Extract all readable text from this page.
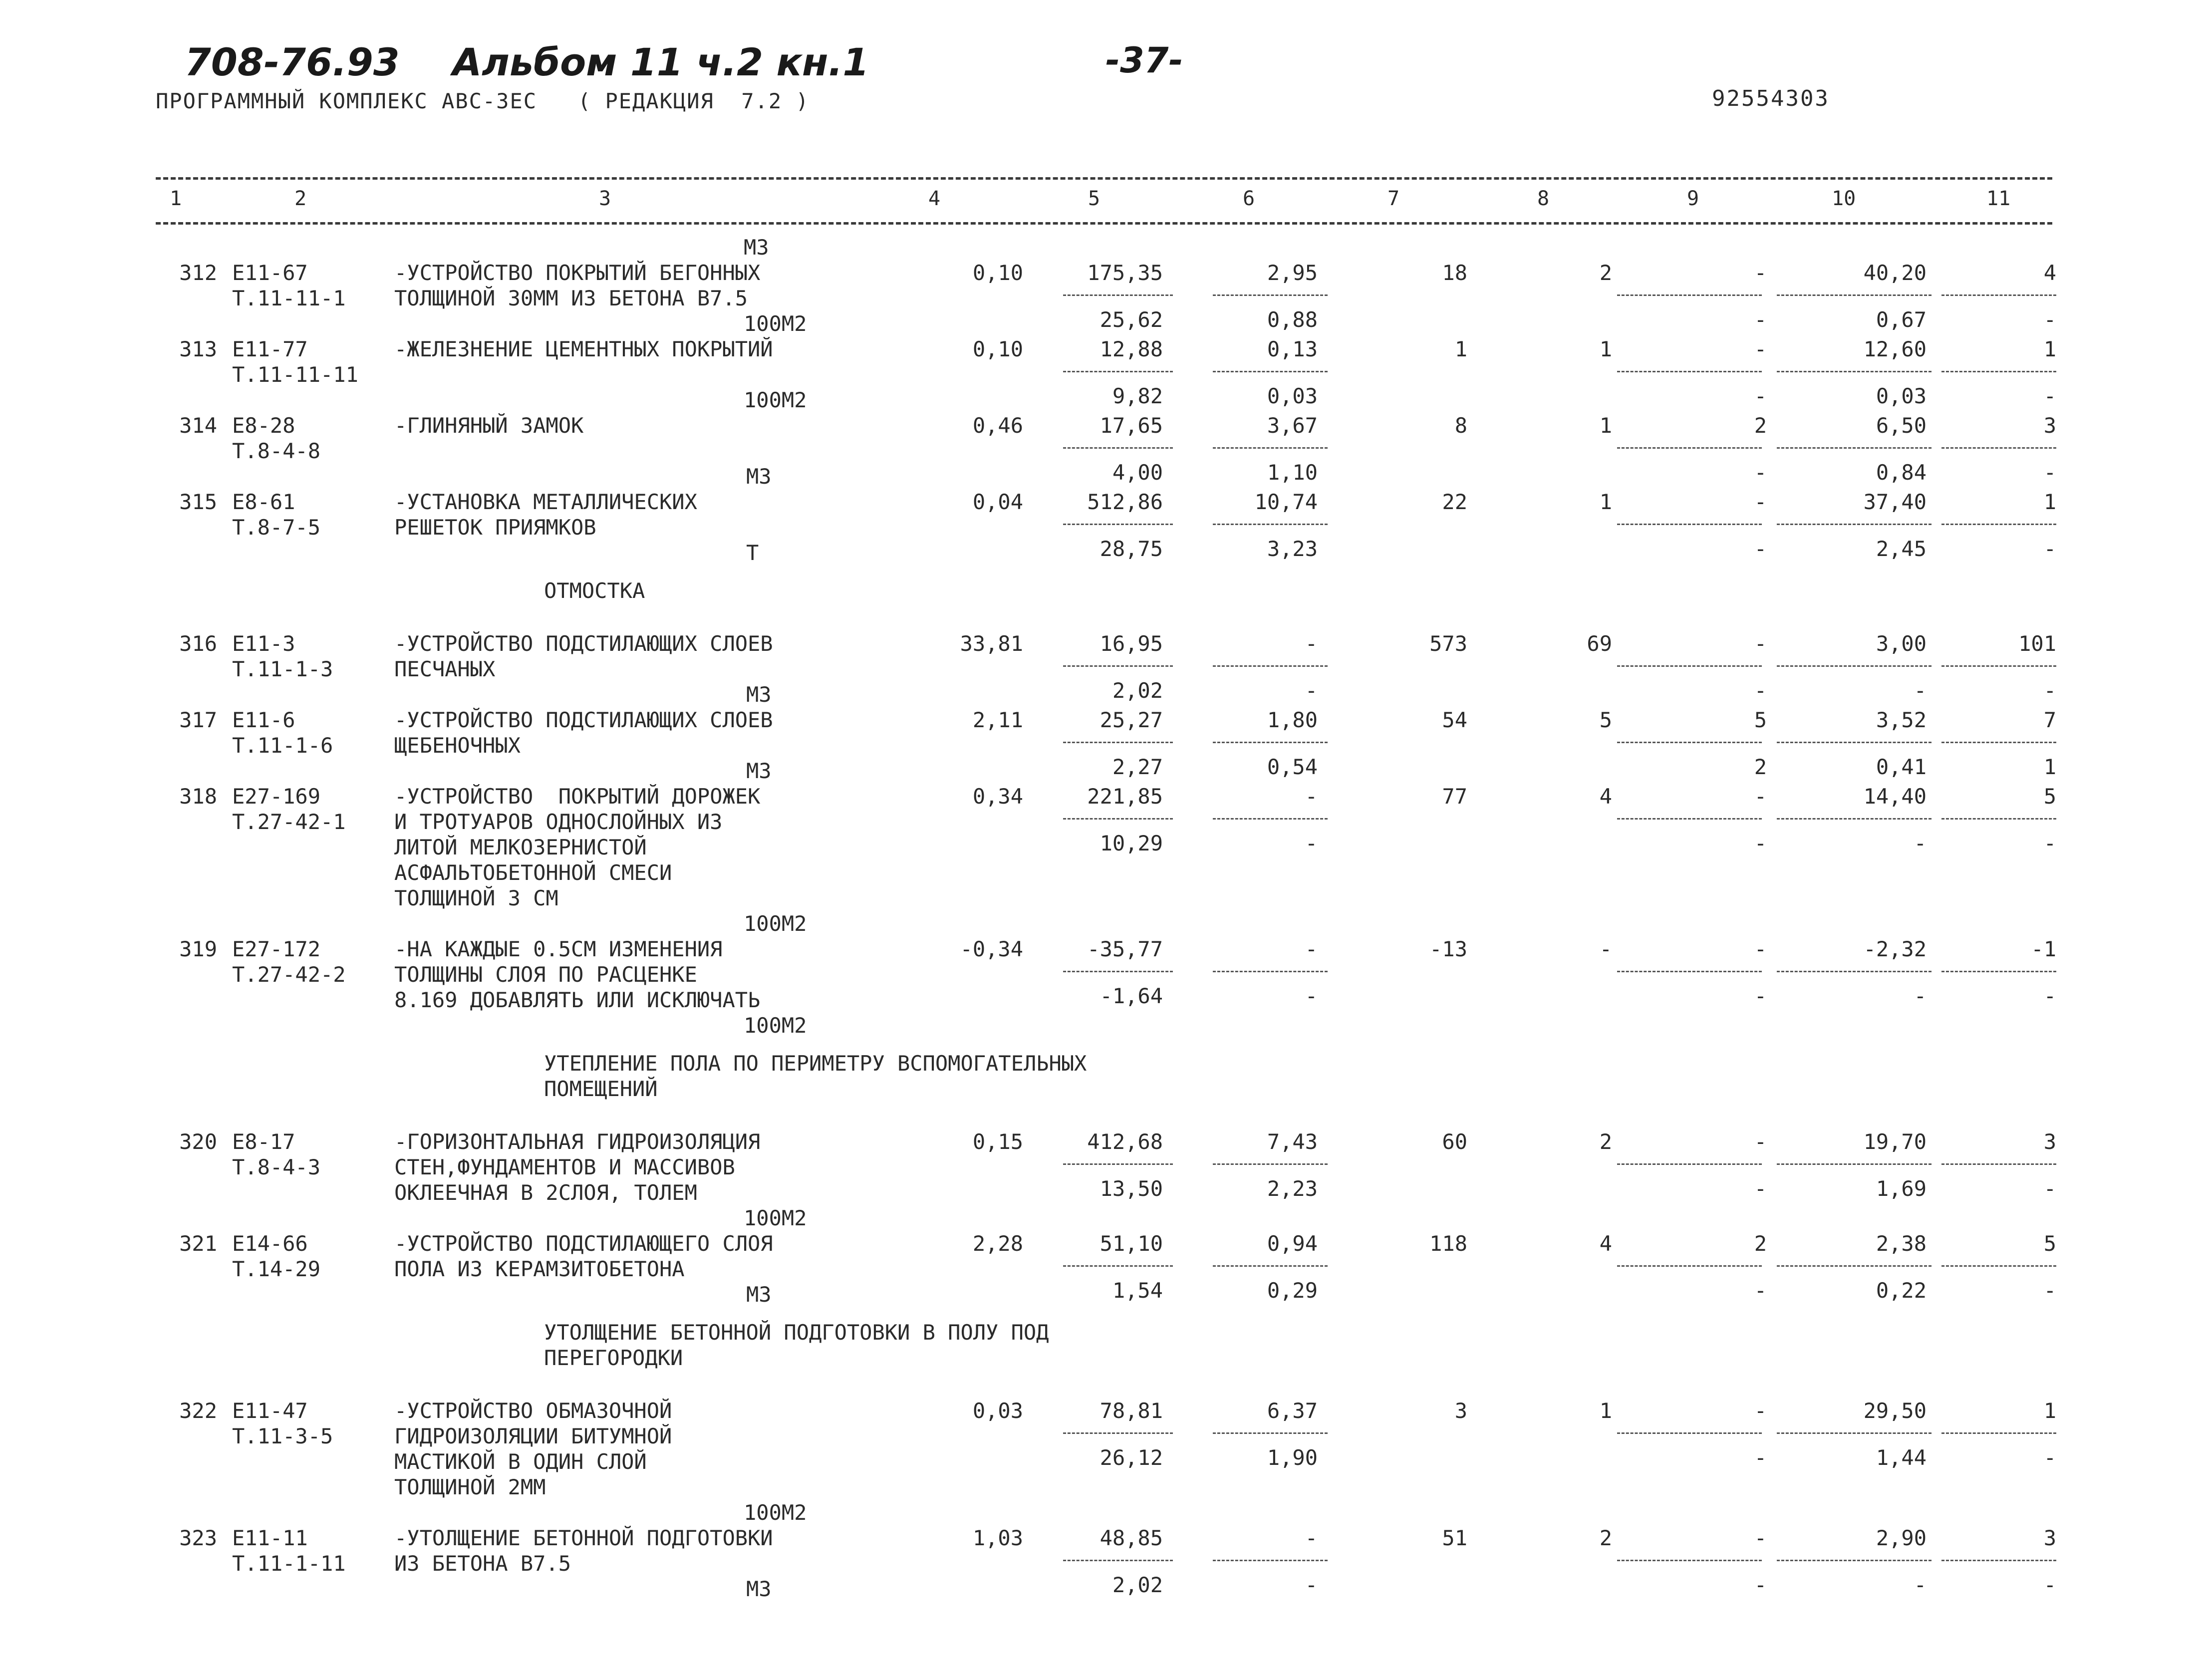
708-76.93 Альбом 11 ч.2 кн.1	-37-
ПРОГРАММНЫЙ КОМПЛЕКС АВС-3ЕС   ( РЕДАКЦИЯ  7.2 )	92554303
1	2	3	4	5	6	7	8	9	10	11
М3
312 Е11-67
Т.11-11-1
-УСТРОЙСТВО ПОКРЫТИЙ БЕГОННЫХ
ТОЛЩИНОЙ 30ММ ИЗ БЕТОНА В7.5
0,10	175,35	2,95	18	2	-	40,20	4
25,62	0,88	-	0,67	-
100М2
313 Е11-77
Т.11-11-11
-ЖЕЛЕЗНЕНИЕ ЦЕМЕНТНЫХ ПОКРЫТИЙ	0,10	12,88	0,13	1	1	-	12,60	1
9,82	0,03	-	0,03	-
100М2
314 Е8-28
Т.8-4-8
-ГЛИНЯНЫЙ ЗАМОК	0,46	17,65	3,67	8	1	2	6,50	3
4,00	1,10	-	0,84	-
М3
315 Е8-61
Т.8-7-5
-УСТАНОВКА МЕТАЛЛИЧЕСКИХ
РЕШЕТОК ПРИЯМКОВ
0,04	512,86	10,74	22	1	-	37,40	1
28,75	3,23	-	2,45	-
Т
ОТМОСТКА
316 Е11-3
Т.11-1-3
-УСТРОЙСТВО ПОДСТИЛАЮЩИХ СЛОЕВ
ПЕСЧАНЫХ
33,81	16,95	-	573	69	-	3,00	101
2,02	-	-	-	-
М3
317 Е11-6
Т.11-1-6
-УСТРОЙСТВО ПОДСТИЛАЮЩИХ СЛОЕВ
ЩЕБЕНОЧНЫХ
2,11	25,27	1,80	54	5	5	3,52	7
2,27	0,54	2	0,41	1
М3
318 Е27-169
Т.27-42-1
-УСТРОЙСТВО  ПОКРЫТИЙ ДОРОЖЕК
И ТРОТУАРОВ ОДНОСЛОЙНЫХ ИЗ
ЛИТОЙ МЕЛКОЗЕРНИСТОЙ
АСФАЛЬТОБЕТОННОЙ СМЕСИ
ТОЛЩИНОЙ 3 СМ
0,34	221,85	-	77	4	-	14,40	5
10,29	-	-	-	-
100М2
319 Е27-172
Т.27-42-2
-НА КАЖДЫЕ 0.5СМ ИЗМЕНЕНИЯ
ТОЛЩИНЫ СЛОЯ ПО РАСЦЕНКЕ
8.169 ДОБАВЛЯТЬ ИЛИ ИСКЛЮЧАТЬ
-0,34	-35,77	-	-13	-	-	-2,32	-1
-1,64	-	-	-	-
100М2
УТЕПЛЕНИЕ ПОЛА ПО ПЕРИМЕТРУ ВСПОМОГАТЕЛЬНЫХ
ПОМЕЩЕНИЙ
320 Е8-17
Т.8-4-3
-ГОРИЗОНТАЛЬНАЯ ГИДРОИЗОЛЯЦИЯ
СТЕН,ФУНДАМЕНТОВ И МАССИВОВ
ОКЛЕЕЧНАЯ В 2СЛОЯ, ТОЛЕМ
0,15	412,68	7,43	60	2	-	19,70	3
13,50	2,23	-	1,69	-
100М2
321 Е14-66
Т.14-29
-УСТРОЙСТВО ПОДСТИЛАЮЩЕГО СЛОЯ
ПОЛА ИЗ КЕРАМЗИТОБЕТОНА
2,28	51,10	0,94	118	4	2	2,38	5
1,54	0,29	-	0,22	-
М3
УТОЛЩЕНИЕ БЕТОННОЙ ПОДГОТОВКИ В ПОЛУ ПОД
ПЕРЕГОРОДКИ
322 Е11-47
Т.11-3-5
-УСТРОЙСТВО ОБМАЗОЧНОЙ
ГИДРОИЗОЛЯЦИИ БИТУМНОЙ
МАСТИКОЙ В ОДИН СЛОЙ
ТОЛЩИНОЙ 2ММ
0,03	78,81	6,37	3	1	-	29,50	1
26,12	1,90	-	1,44	-
100М2
323 Е11-11
Т.11-1-11
-УТОЛЩЕНИЕ БЕТОННОЙ ПОДГОТОВКИ
ИЗ БЕТОНА В7.5
1,03	48,85	-	51	2	-	2,90	3
2,02	-	-	-	-
М3
